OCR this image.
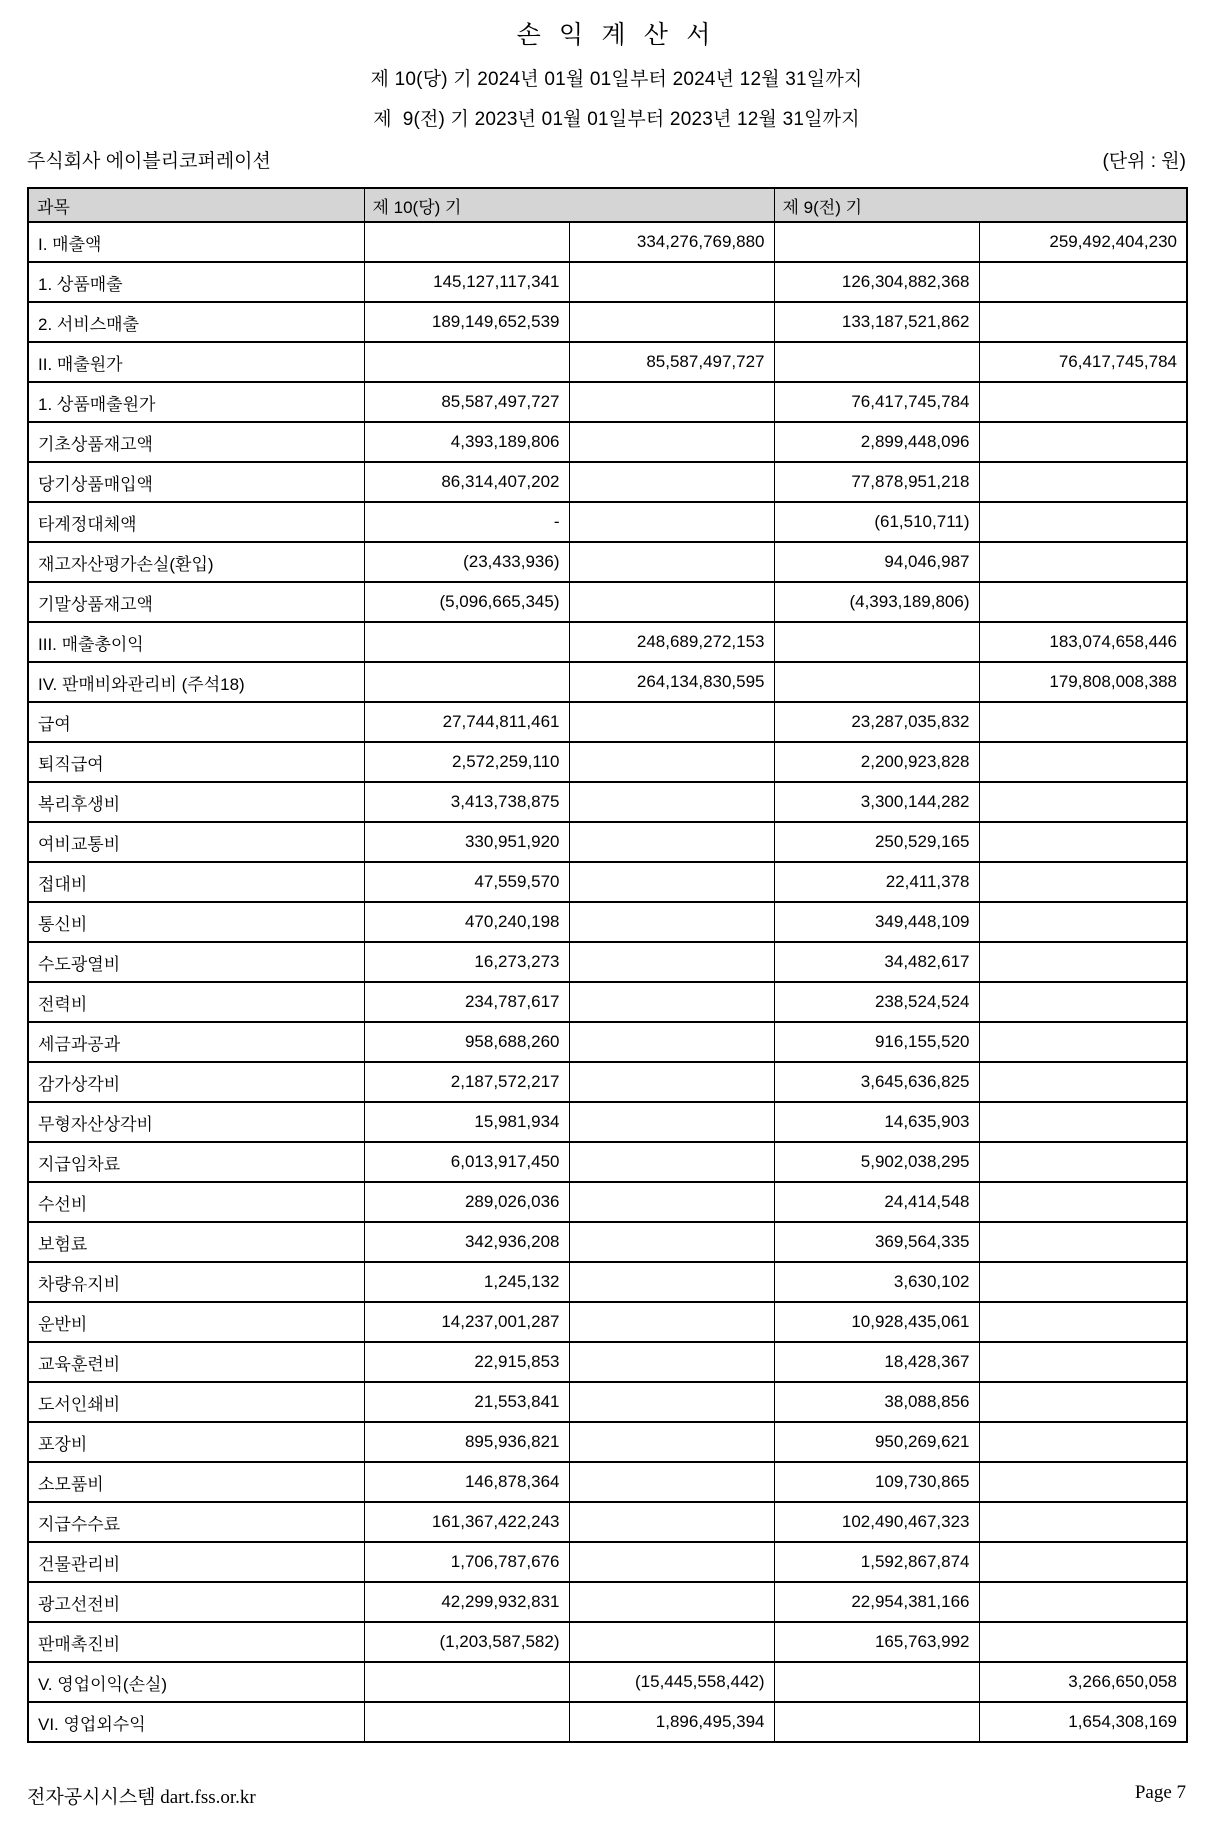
손 익 계 산 서
제 10(당) 기 2024년 01월 01일부터 2024년 12월 31일까지
제  9(전) 기 2023년 01월 01일부터 2023년 12월 31일까지
주식회사 에이블리코퍼레이션	(단위 : 원)
과목	제 10(당) 기		제 9(전) 기	
I. 매출액		334,276,769,880		259,492,404,230
1. 상품매출	145,127,117,341		126,304,882,368	
2. 서비스매출	189,149,652,539		133,187,521,862	
II. 매출원가		85,587,497,727		76,417,745,784
1. 상품매출원가	85,587,497,727		76,417,745,784	
기초상품재고액	4,393,189,806		2,899,448,096	
당기상품매입액	86,314,407,202		77,878,951,218	
타계정대체액	-		(61,510,711)	
재고자산평가손실(환입)	(23,433,936)		94,046,987	
기말상품재고액	(5,096,665,345)		(4,393,189,806)	
III. 매출총이익		248,689,272,153		183,074,658,446
IV. 판매비와관리비 (주석18)		264,134,830,595		179,808,008,388
급여	27,744,811,461		23,287,035,832	
퇴직급여	2,572,259,110		2,200,923,828	
복리후생비	3,413,738,875		3,300,144,282	
여비교통비	330,951,920		250,529,165	
접대비	47,559,570		22,411,378	
통신비	470,240,198		349,448,109	
수도광열비	16,273,273		34,482,617	
전력비	234,787,617		238,524,524	
세금과공과	958,688,260		916,155,520	
감가상각비	2,187,572,217		3,645,636,825	
무형자산상각비	15,981,934		14,635,903	
지급임차료	6,013,917,450		5,902,038,295	
수선비	289,026,036		24,414,548	
보험료	342,936,208		369,564,335	
차량유지비	1,245,132		3,630,102	
운반비	14,237,001,287		10,928,435,061	
교육훈련비	22,915,853		18,428,367	
도서인쇄비	21,553,841		38,088,856	
포장비	895,936,821		950,269,621	
소모품비	146,878,364		109,730,865	
지급수수료	161,367,422,243		102,490,467,323	
건물관리비	1,706,787,676		1,592,867,874	
광고선전비	42,299,932,831		22,954,381,166	
판매촉진비	(1,203,587,582)		165,763,992	
V. 영업이익(손실)		(15,445,558,442)		3,266,650,058
VI. 영업외수익		1,896,495,394		1,654,308,169
전자공시시스템 dart.fss.or.kr	Page 7
